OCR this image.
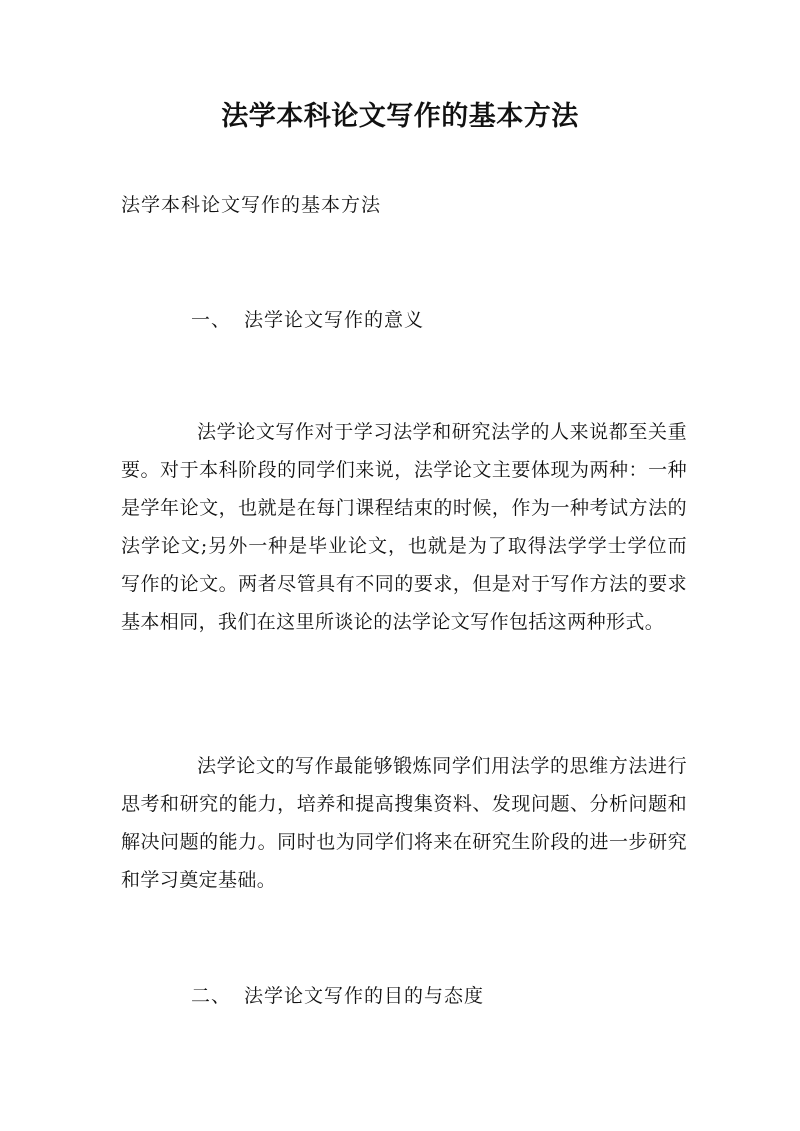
法学本科论文写作的基本方法

法学本科论文写作的基本方法

一、 法学论文写作的意义

法学论文写作对于学习法学和研究法学的人来说都至关重要。对于本科阶段的同学们来说，法学论文主要体现为两种：一种是学年论文，也就是在每门课程结束的时候，作为一种考试方法的法学论文;另外一种是毕业论文，也就是为了取得法学学士学位而写作的论文。两者尽管具有不同的要求，但是对于写作方法的要求基本相同，我们在这里所谈论的法学论文写作包括这两种形式。

法学论文的写作最能够锻炼同学们用法学的思维方法进行思考和研究的能力，培养和提高搜集资料、发现问题、分析问题和解决问题的能力。同时也为同学们将来在研究生阶段的进一步研究和学习奠定基础。

二、 法学论文写作的目的与态度
